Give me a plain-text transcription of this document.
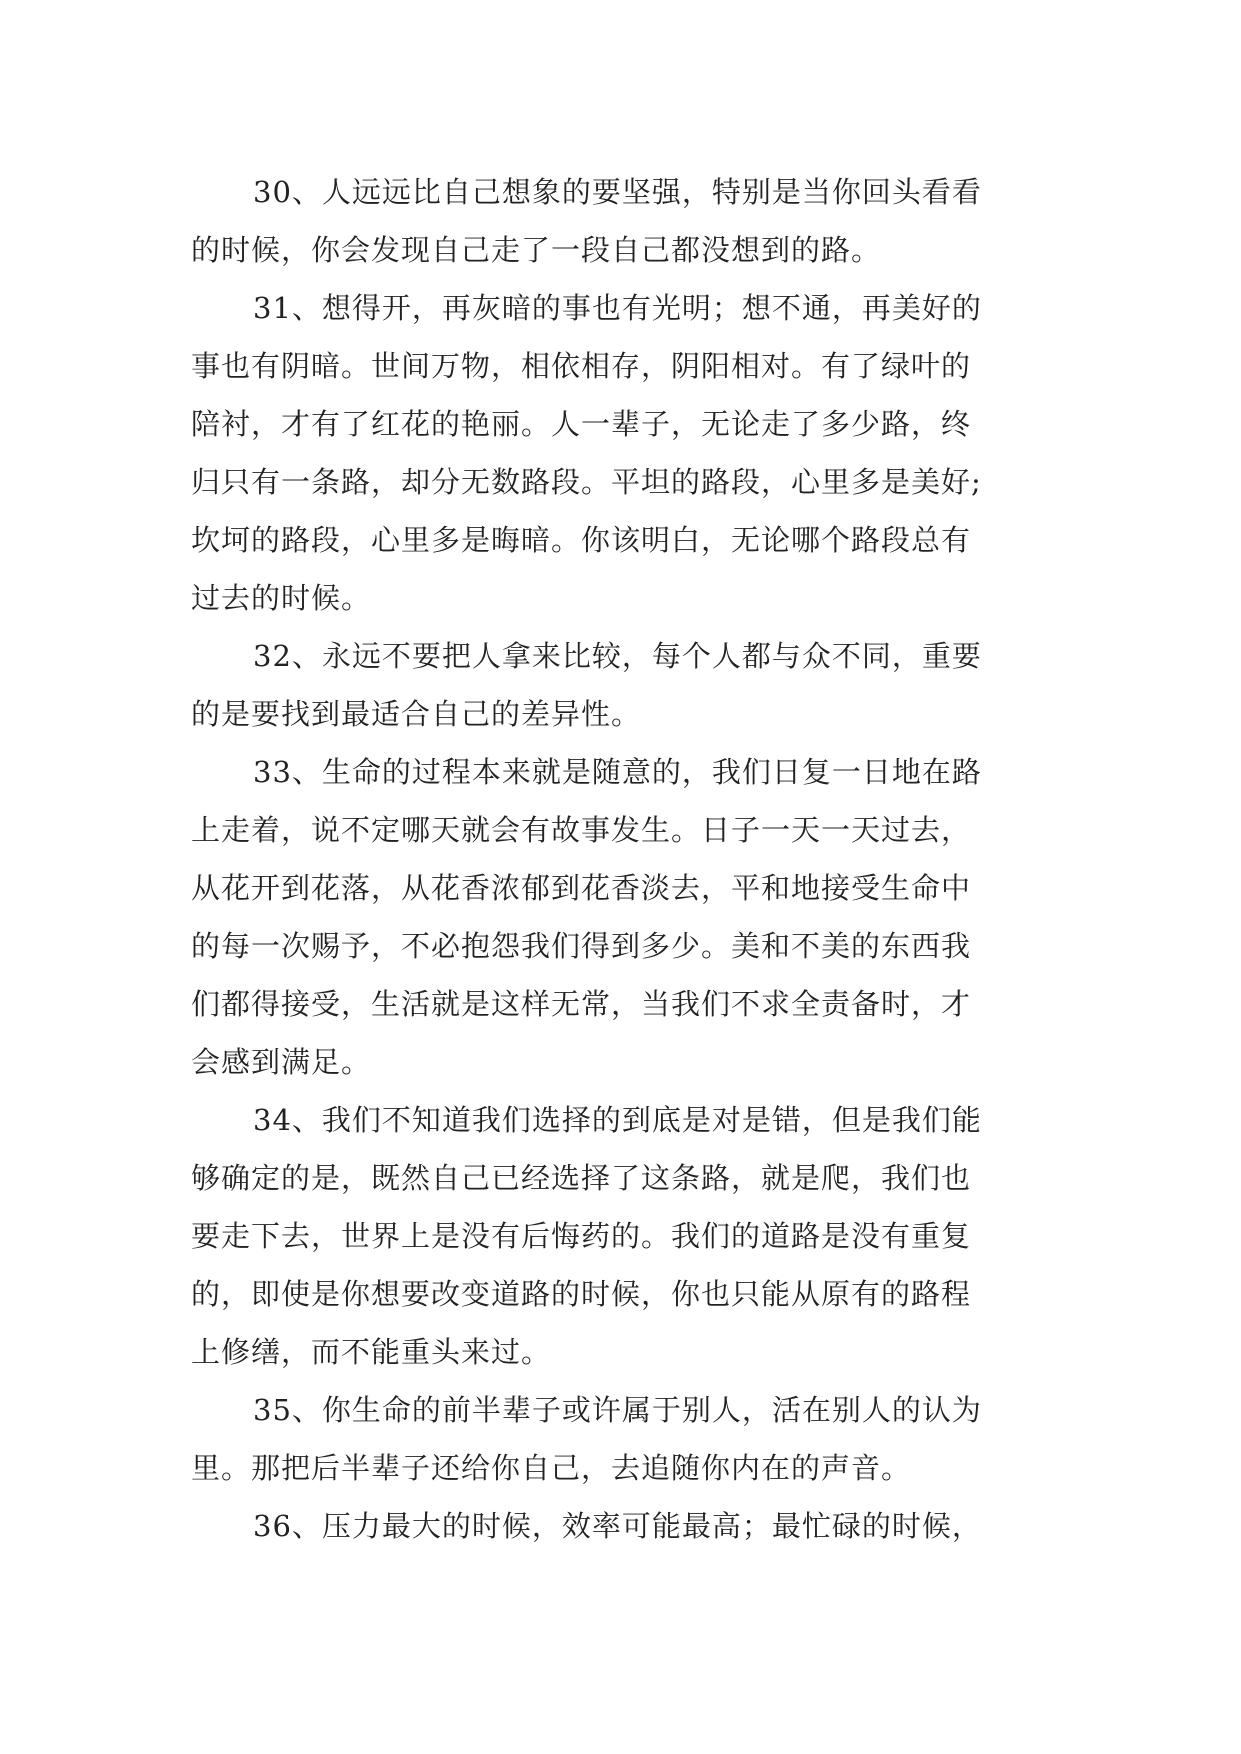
30、人远远比自己想象的要坚强，特别是当你回头看看
的时候，你会发现自己走了一段自己都没想到的路。
31、想得开，再灰暗的事也有光明；想不通，再美好的
事也有阴暗。世间万物，相依相存，阴阳相对。有了绿叶的
陪衬，才有了红花的艳丽。人一辈子，无论走了多少路，终
归只有一条路，却分无数路段。平坦的路段，心里多是美好;
坎坷的路段，心里多是晦暗。你该明白，无论哪个路段总有
过去的时候。
32、永远不要把人拿来比较，每个人都与众不同，重要
的是要找到最适合自己的差异性。
33、生命的过程本来就是随意的，我们日复一日地在路
上走着，说不定哪天就会有故事发生。日子一天一天过去，
从花开到花落，从花香浓郁到花香淡去，平和地接受生命中
的每一次赐予，不必抱怨我们得到多少。美和不美的东西我
们都得接受，生活就是这样无常，当我们不求全责备时，才
会感到满足。
34、我们不知道我们选择的到底是对是错，但是我们能
够确定的是，既然自己已经选择了这条路，就是爬，我们也
要走下去，世界上是没有后悔药的。我们的道路是没有重复
的，即使是你想要改变道路的时候，你也只能从原有的路程
上修缮，而不能重头来过。
35、你生命的前半辈子或许属于别人，活在别人的认为
里。那把后半辈子还给你自己，去追随你内在的声音。
36、压力最大的时候，效率可能最高；最忙碌的时候，
